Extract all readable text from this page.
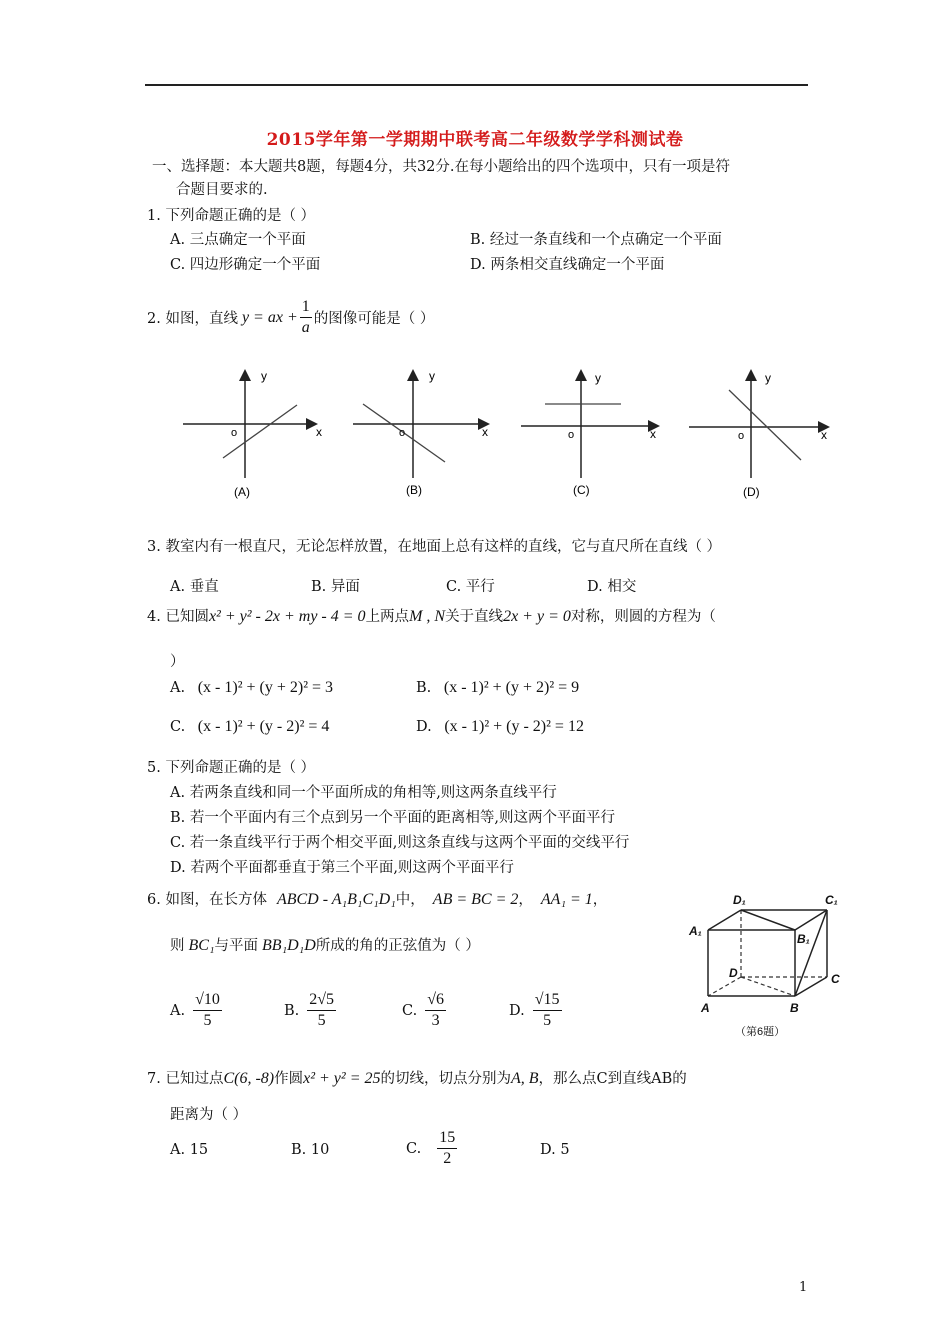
2015学年第一学期期中联考高二年级数学学科测试卷
一、选择题：本大题共8题，每题4分，共32分.在每小题给出的四个选项中，只有一项是符
合题目要求的.
1. 下列命题正确的是（ ）
A. 三点确定一个平面	B. 经过一条直线和一个点确定一个平面
C. 四边形确定一个平面	D. 两条相交直线确定一个平面
2. 如图，直线 y = ax + $\frac{1}{a}$ 的图像可能是（ ）
y
x
o
(A)
y
x
o
(B)
y
x
o
(C)
y
x
o
(D)
3. 教室内有一根直尺，无论怎样放置，在地面上总有这样的直线，它与直尺所在直线（ ）
A. 垂直	B. 异面	C. 平行	D. 相交
4. 已知圆x² + y² - 2x + my - 4 = 0上两点M , N关于直线2x + y = 0对称，则圆的方程为（
）
A. (x - 1)² + (y + 2)² = 3	B. (x - 1)² + (y + 2)² = 9
C. (x - 1)² + (y - 2)² = 4	D. (x - 1)² + (y - 2)² = 12
5. 下列命题正确的是（ ）
A. 若两条直线和同一个平面所成的角相等,则这两条直线平行
B. 若一个平面内有三个点到另一个平面的距离相等,则这两个平面平行
C. 若一条直线平行于两个相交平面,则这条直线与这两个平面的交线平行
D. 若两个平面都垂直于第三个平面,则这两个平面平行
6. 如图，在长方体 ABCD - A₁B₁C₁D₁中， AB = BC = 2， AA₁ = 1，
则 BC₁与平面 BB₁D₁D所成的角的正弦值为（ ）
A. $\frac{√10}{5}$	B. $\frac{2√5}{5}$	C. $\frac{√6}{3}$	D. $\frac{√15}{5}$
D₁	C₁
A₁
B₁
D	C
A	B
（第6题）
7. 已知过点C(6, -8)作圆x² + y² = 25的切线，切点分别为A, B，那么点C到直线AB的
距离为（ ）
A. 15	B. 10	C. $\frac{15}{2}$	D. 5
1
